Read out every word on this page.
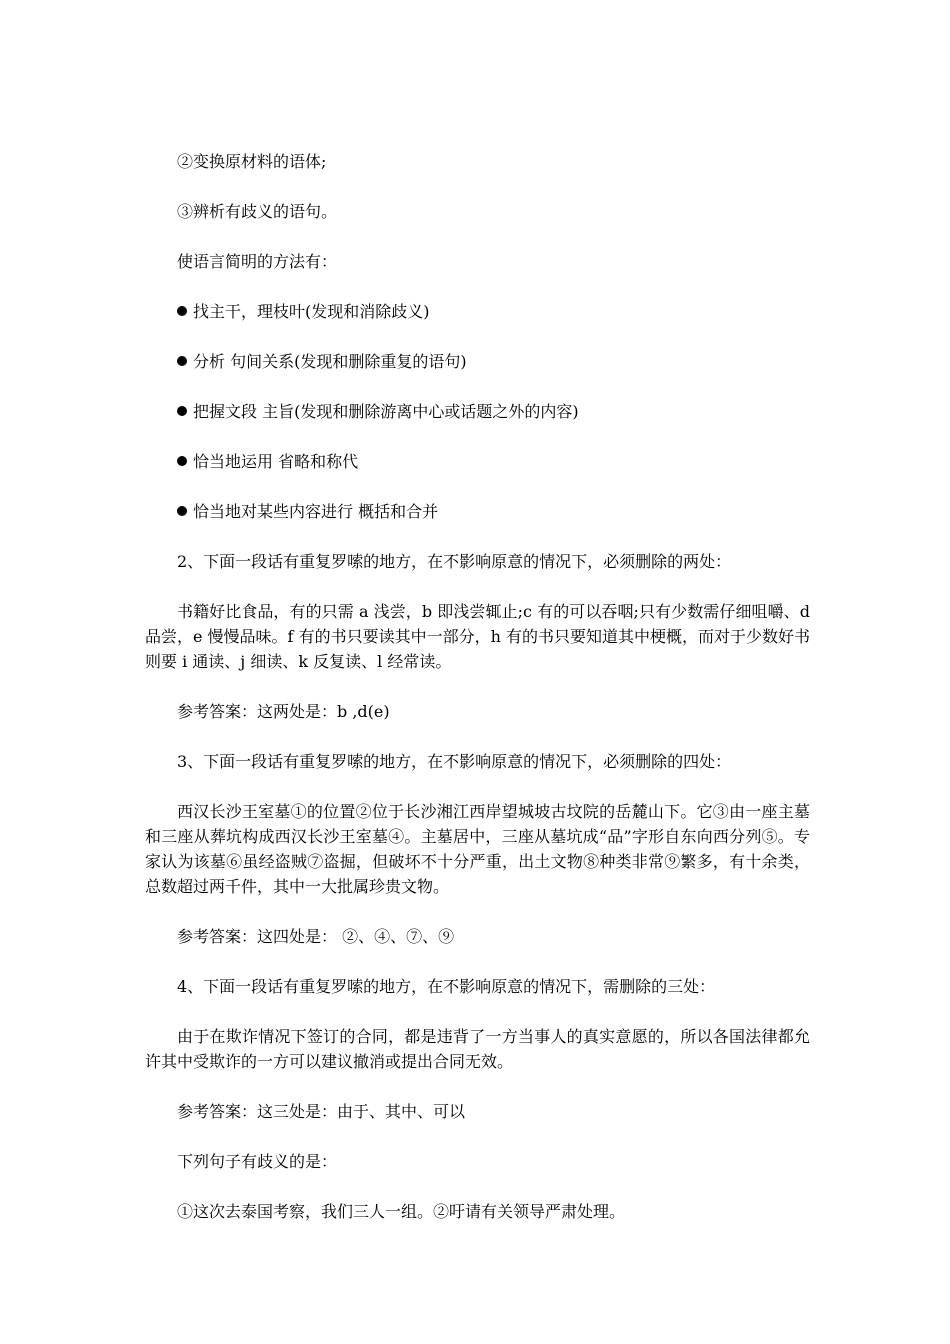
②变换原材料的语体;

③辨析有歧义的语句。

使语言简明的方法有：

找主干，理枝叶(发现和消除歧义)

分析 句间关系(发现和删除重复的语句)

把握文段 主旨(发现和删除游离中心或话题之外的内容)

恰当地运用 省略和称代

恰当地对某些内容进行 概括和合并

2、下面一段话有重复罗嗦的地方，在不影响原意的情况下，必须删除的两处：

书籍好比食品，有的只需 a 浅尝，b 即浅尝辄止;c 有的可以吞咽;只有少数需仔细咀嚼、d 品尝，e 慢慢品味。f 有的书只要读其中一部分，h 有的书只要知道其中梗概，而对于少数好书则要 i 通读、j 细读、k 反复读、l 经常读。

参考答案：这两处是：b ,d(e)

3、下面一段话有重复罗嗦的地方，在不影响原意的情况下，必须删除的四处：

西汉长沙王室墓①的位置②位于长沙湘江西岸望城坡古坟院的岳麓山下。它③由一座主墓和三座从葬坑构成西汉长沙王室墓④。主墓居中，三座从墓坑成“品”字形自东向西分列⑤。专家认为该墓⑥虽经盗贼⑦盗掘，但破坏不十分严重，出土文物⑧种类非常⑨繁多，有十余类，总数超过两千件，其中一大批属珍贵文物。

参考答案：这四处是： ②、④、⑦、⑨

4、下面一段话有重复罗嗦的地方，在不影响原意的情况下，需删除的三处：

由于在欺诈情况下签订的合同，都是违背了一方当事人的真实意愿的，所以各国法律都允许其中受欺诈的一方可以建议撤消或提出合同无效。

参考答案：这三处是：由于、其中、可以

下列句子有歧义的是：

①这次去泰国考察，我们三人一组。②吁请有关领导严肃处理。
